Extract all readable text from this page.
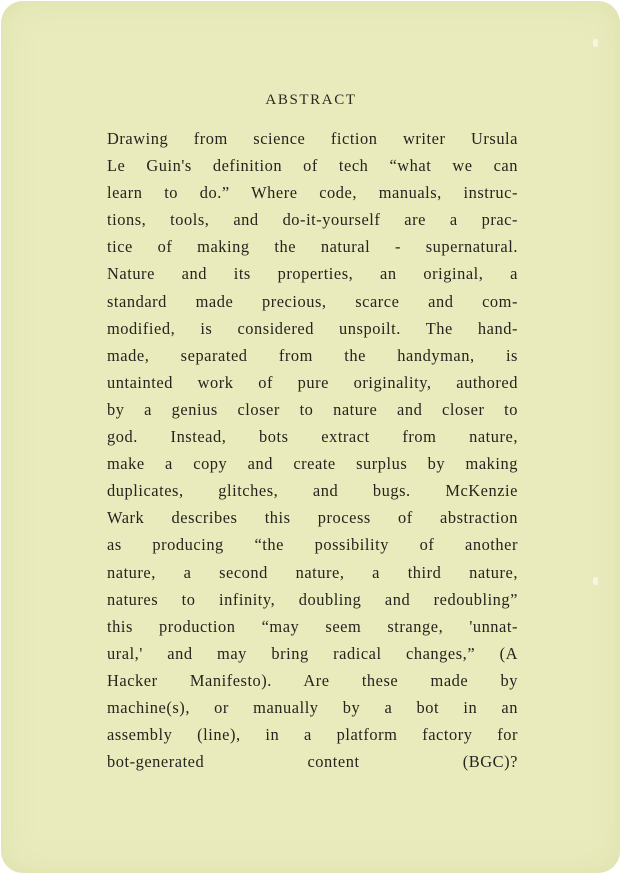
ABSTRACT

Drawing from science fiction writer Ursula
Le Guin's definition of tech “what we can
learn to do.” Where code, manuals, instruc-
tions, tools, and do-it-yourself are a prac-
tice of making the natural - supernatural.
Nature and its properties, an original, a
standard made precious, scarce and com-
modified, is considered unspoilt. The hand-
made, separated from the handyman, is
untainted work of pure originality, authored
by a genius closer to nature and closer to
god. Instead, bots extract from nature,
make a copy and create surplus by making
duplicates, glitches, and bugs. McKenzie
Wark describes this process of abstraction
as producing “the possibility of another
nature, a second nature, a third nature,
natures to infinity, doubling and redoubling”
this production “may seem strange, 'unnat-
ural,' and may bring radical changes,” (A
Hacker Manifesto). Are these made by
machine(s), or manually by a bot in an
assembly (line), in a platform factory for
bot-generated content (BGC)?
